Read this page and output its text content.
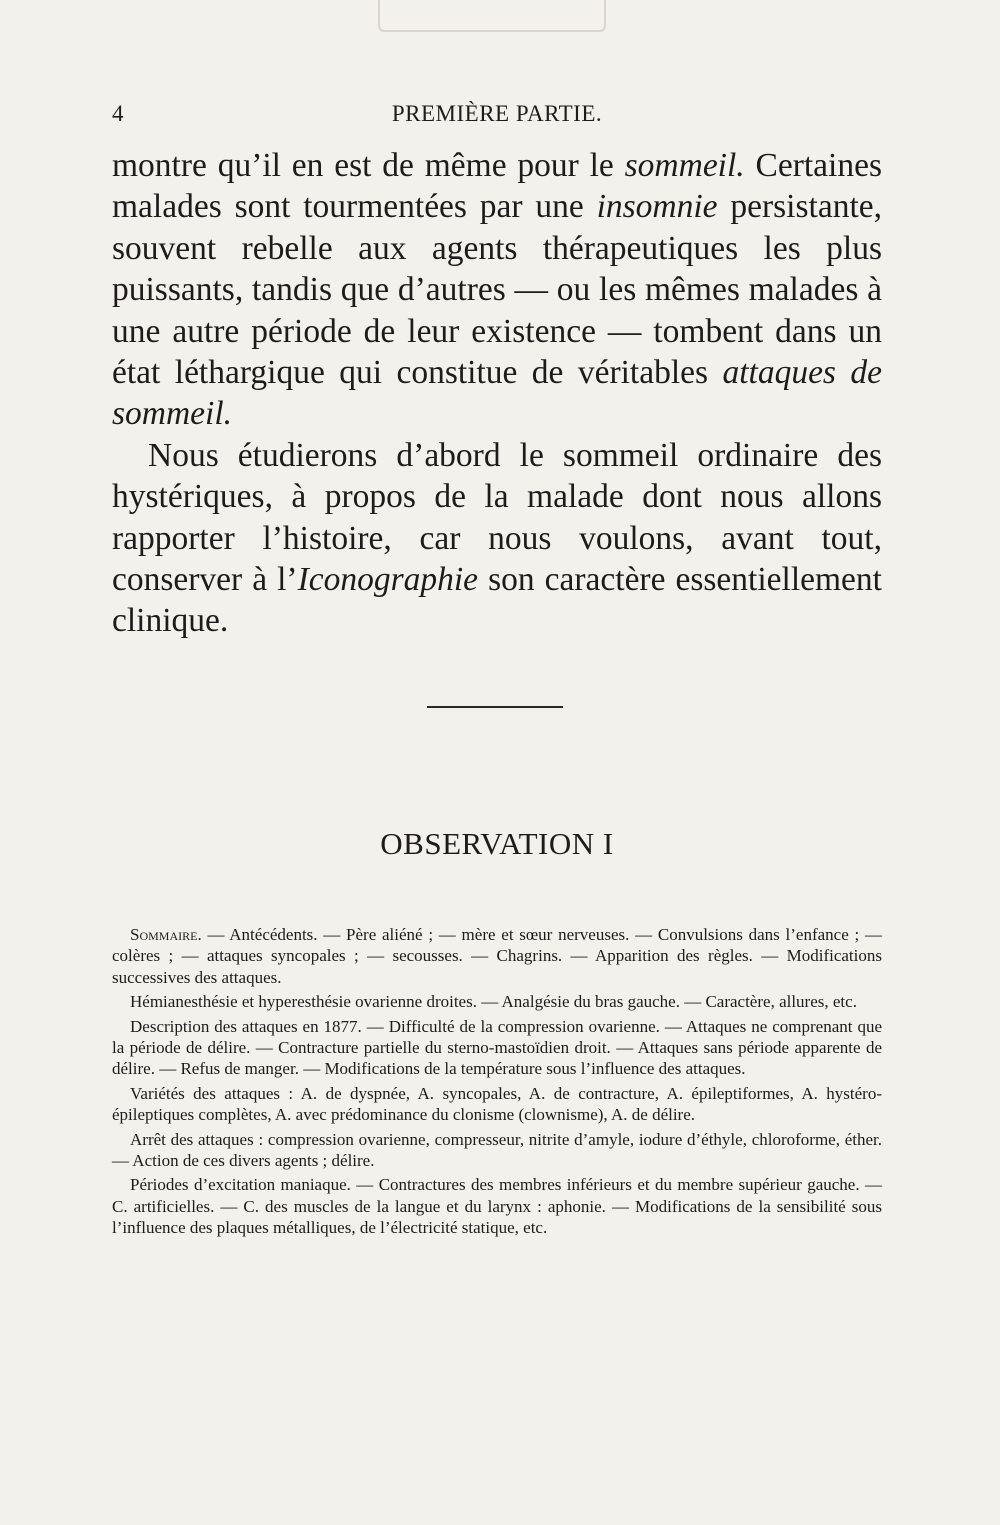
4	PREMIÈRE PARTIE.

montre qu’il en est de même pour le sommeil. Certaines malades sont tourmentées par une insomnie persistante, souvent rebelle aux agents thérapeutiques les plus puissants, tandis que d’autres — ou les mêmes malades à une autre période de leur existence — tombent dans un état léthargique qui constitue de véritables attaques de sommeil.

Nous étudierons d’abord le sommeil ordinaire des hystériques, à propos de la malade dont nous allons rapporter l’histoire, car nous voulons, avant tout, conserver à l’Iconographie son caractère essentiellement clinique.

OBSERVATION I

Sommaire. — Antécédents. — Père aliéné ; — mère et sœur nerveuses. — Convulsions dans l’enfance ; — colères ; — attaques syncopales ; — secousses. — Chagrins. — Apparition des règles. — Modifications successives des attaques.

Hémianesthésie et hyperesthésie ovarienne droites. — Analgésie du bras gauche. — Caractère, allures, etc.

Description des attaques en 1877. — Difficulté de la compression ovarienne. — Attaques ne comprenant que la période de délire. — Contracture partielle du sterno-mastoïdien droit. — Attaques sans période apparente de délire. — Refus de manger. — Modifications de la température sous l’influence des attaques.

Variétés des attaques : A. de dyspnée, A. syncopales, A. de contracture, A. épileptiformes, A. hystéro-épileptiques complètes, A. avec prédominance du clonisme (clownisme), A. de délire.

Arrêt des attaques : compression ovarienne, compresseur, nitrite d’amyle, iodure d’éthyle, chloroforme, éther. — Action de ces divers agents ; délire.

Périodes d’excitation maniaque. — Contractures des membres inférieurs et du membre supérieur gauche. — C. artificielles. — C. des muscles de la langue et du larynx : aphonie. — Modifications de la sensibilité sous l’influence des plaques métalliques, de l’électricité statique, etc.
